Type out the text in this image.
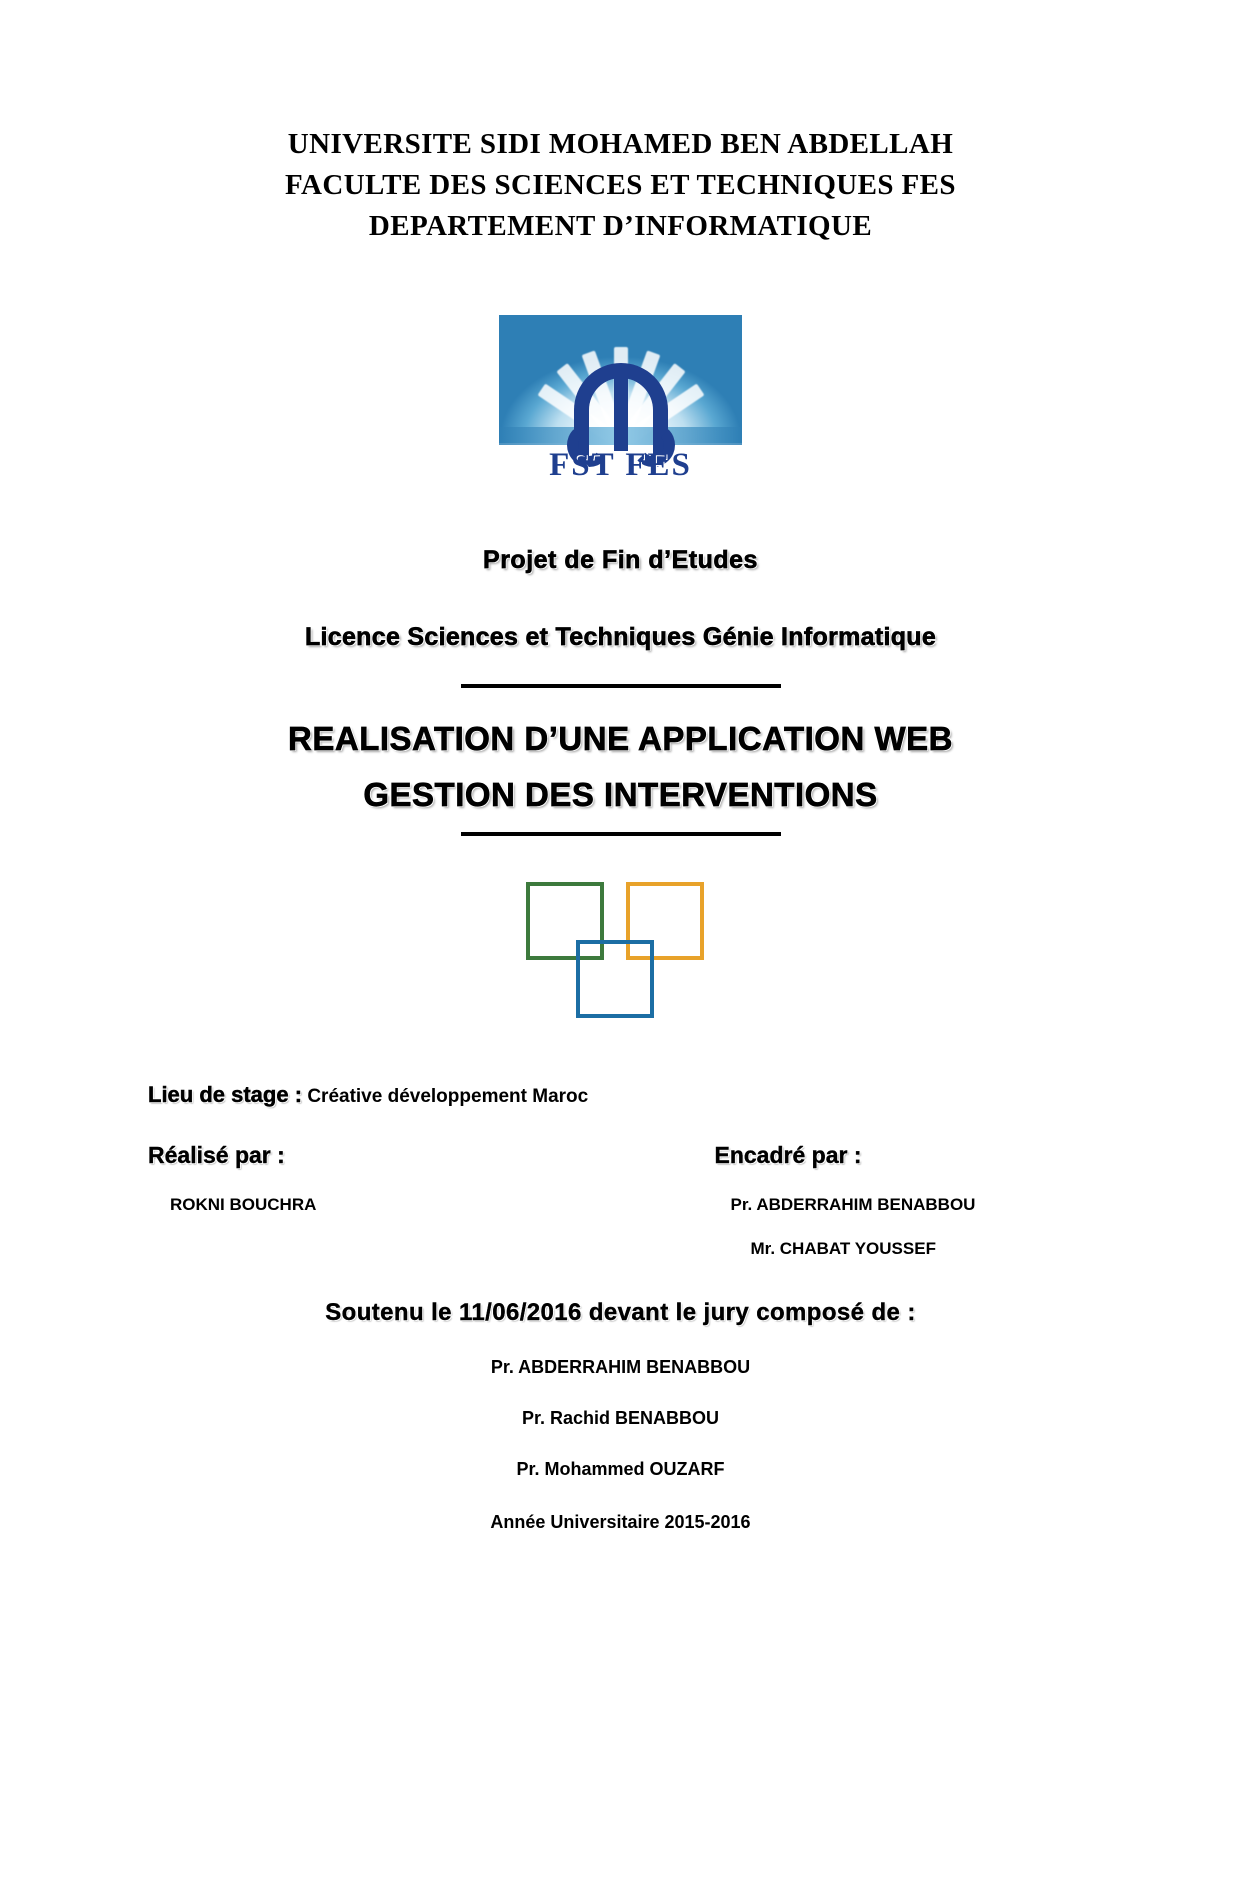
UNIVERSITE SIDI MOHAMED BEN ABDELLAH
FACULTE DES SCIENCES ET TECHNIQUES FES
DEPARTEMENT D’INFORMATIQUE
FST FES
Projet de Fin d’Etudes
Licence Sciences et Techniques Génie Informatique
REALISATION D’UNE APPLICATION WEB
GESTION DES INTERVENTIONS
Lieu de stage : Créative développement Maroc
Réalisé par :
ROKNI BOUCHRA
Encadré par :
Pr. ABDERRAHIM BENABBOU
Mr. CHABAT YOUSSEF
Soutenu le 11/06/2016 devant le jury composé de :
Pr. ABDERRAHIM BENABBOU
Pr. Rachid BENABBOU
Pr. Mohammed OUZARF
Année Universitaire 2015-2016
